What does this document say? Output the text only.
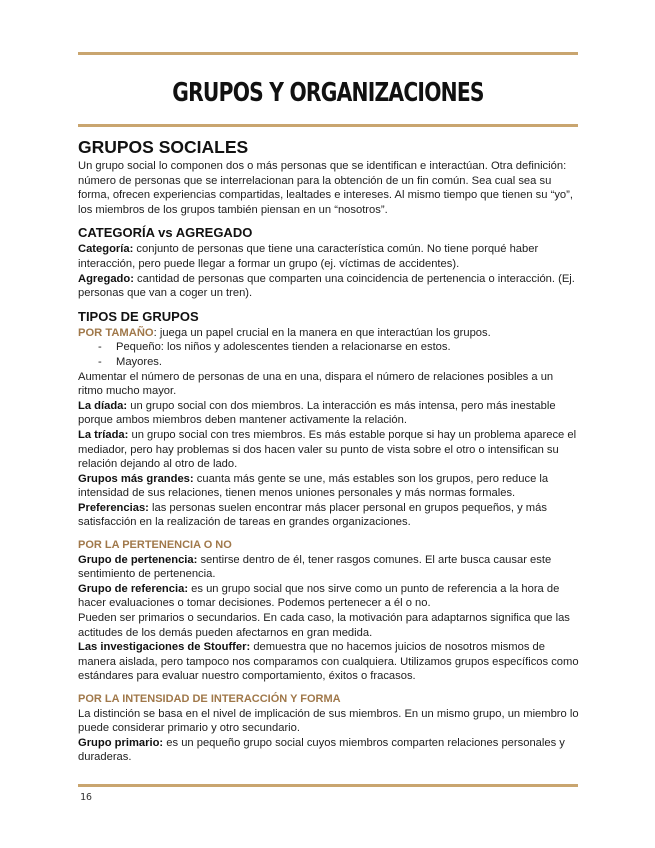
GRUPOS Y ORGANIZACIONES
GRUPOS SOCIALES

Un grupo social lo componen dos o más personas que se identifican e interactúan. Otra definición: número de personas que se interrelacionan para la obtención de un fin común. Sea cual sea su forma, ofrecen experiencias compartidas, lealtades e intereses. Al mismo tiempo que tienen su “yo”, los miembros de los grupos también piensan en un “nosotros”.

CATEGORÍA vs AGREGADO

Categoría: conjunto de personas que tiene una característica común. No tiene porqué haber interacción, pero puede llegar a formar un grupo (ej. víctimas de accidentes).

Agregado: cantidad de personas que comparten una coincidencia de pertenencia o interacción. (Ej. personas que van a coger un tren).

TIPOS DE GRUPOS

POR TAMAÑO: juega un papel crucial en la manera en que interactúan los grupos.

- Pequeño: los niños y adolescentes tienden a relacionarse en estos.

- Mayores.

Aumentar el número de personas de una en una, dispara el número de relaciones posibles a un ritmo mucho mayor.

La díada: un grupo social con dos miembros. La interacción es más intensa, pero más inestable porque ambos miembros deben mantener activamente la relación.

La tríada: un grupo social con tres miembros. Es más estable porque si hay un problema aparece el mediador, pero hay problemas si dos hacen valer su punto de vista sobre el otro o intensifican su relación dejando al otro de lado.

Grupos más grandes: cuanta más gente se une, más estables son los grupos, pero reduce la intensidad de sus relaciones, tienen menos uniones personales y más normas formales.

Preferencias: las personas suelen encontrar más placer personal en grupos pequeños, y más satisfacción en la realización de tareas en grandes organizaciones.

POR LA PERTENENCIA O NO

Grupo de pertenencia: sentirse dentro de él, tener rasgos comunes. El arte busca causar este sentimiento de pertenencia.

Grupo de referencia: es un grupo social que nos sirve como un punto de referencia a la hora de hacer evaluaciones o tomar decisiones. Podemos pertenecer a él o no.

Pueden ser primarios o secundarios. En cada caso, la motivación para adaptarnos significa que las actitudes de los demás pueden afectarnos en gran medida.

Las investigaciones de Stouffer: demuestra que no hacemos juicios de nosotros mismos de manera aislada, pero tampoco nos comparamos con cualquiera. Utilizamos grupos específicos como estándares para evaluar nuestro comportamiento, éxitos o fracasos.

POR LA INTENSIDAD DE INTERACCIÓN Y FORMA

La distinción se basa en el nivel de implicación de sus miembros. En un mismo grupo, un miembro lo puede considerar primario y otro secundario.

Grupo primario: es un pequeño grupo social cuyos miembros comparten relaciones personales y duraderas.

16
